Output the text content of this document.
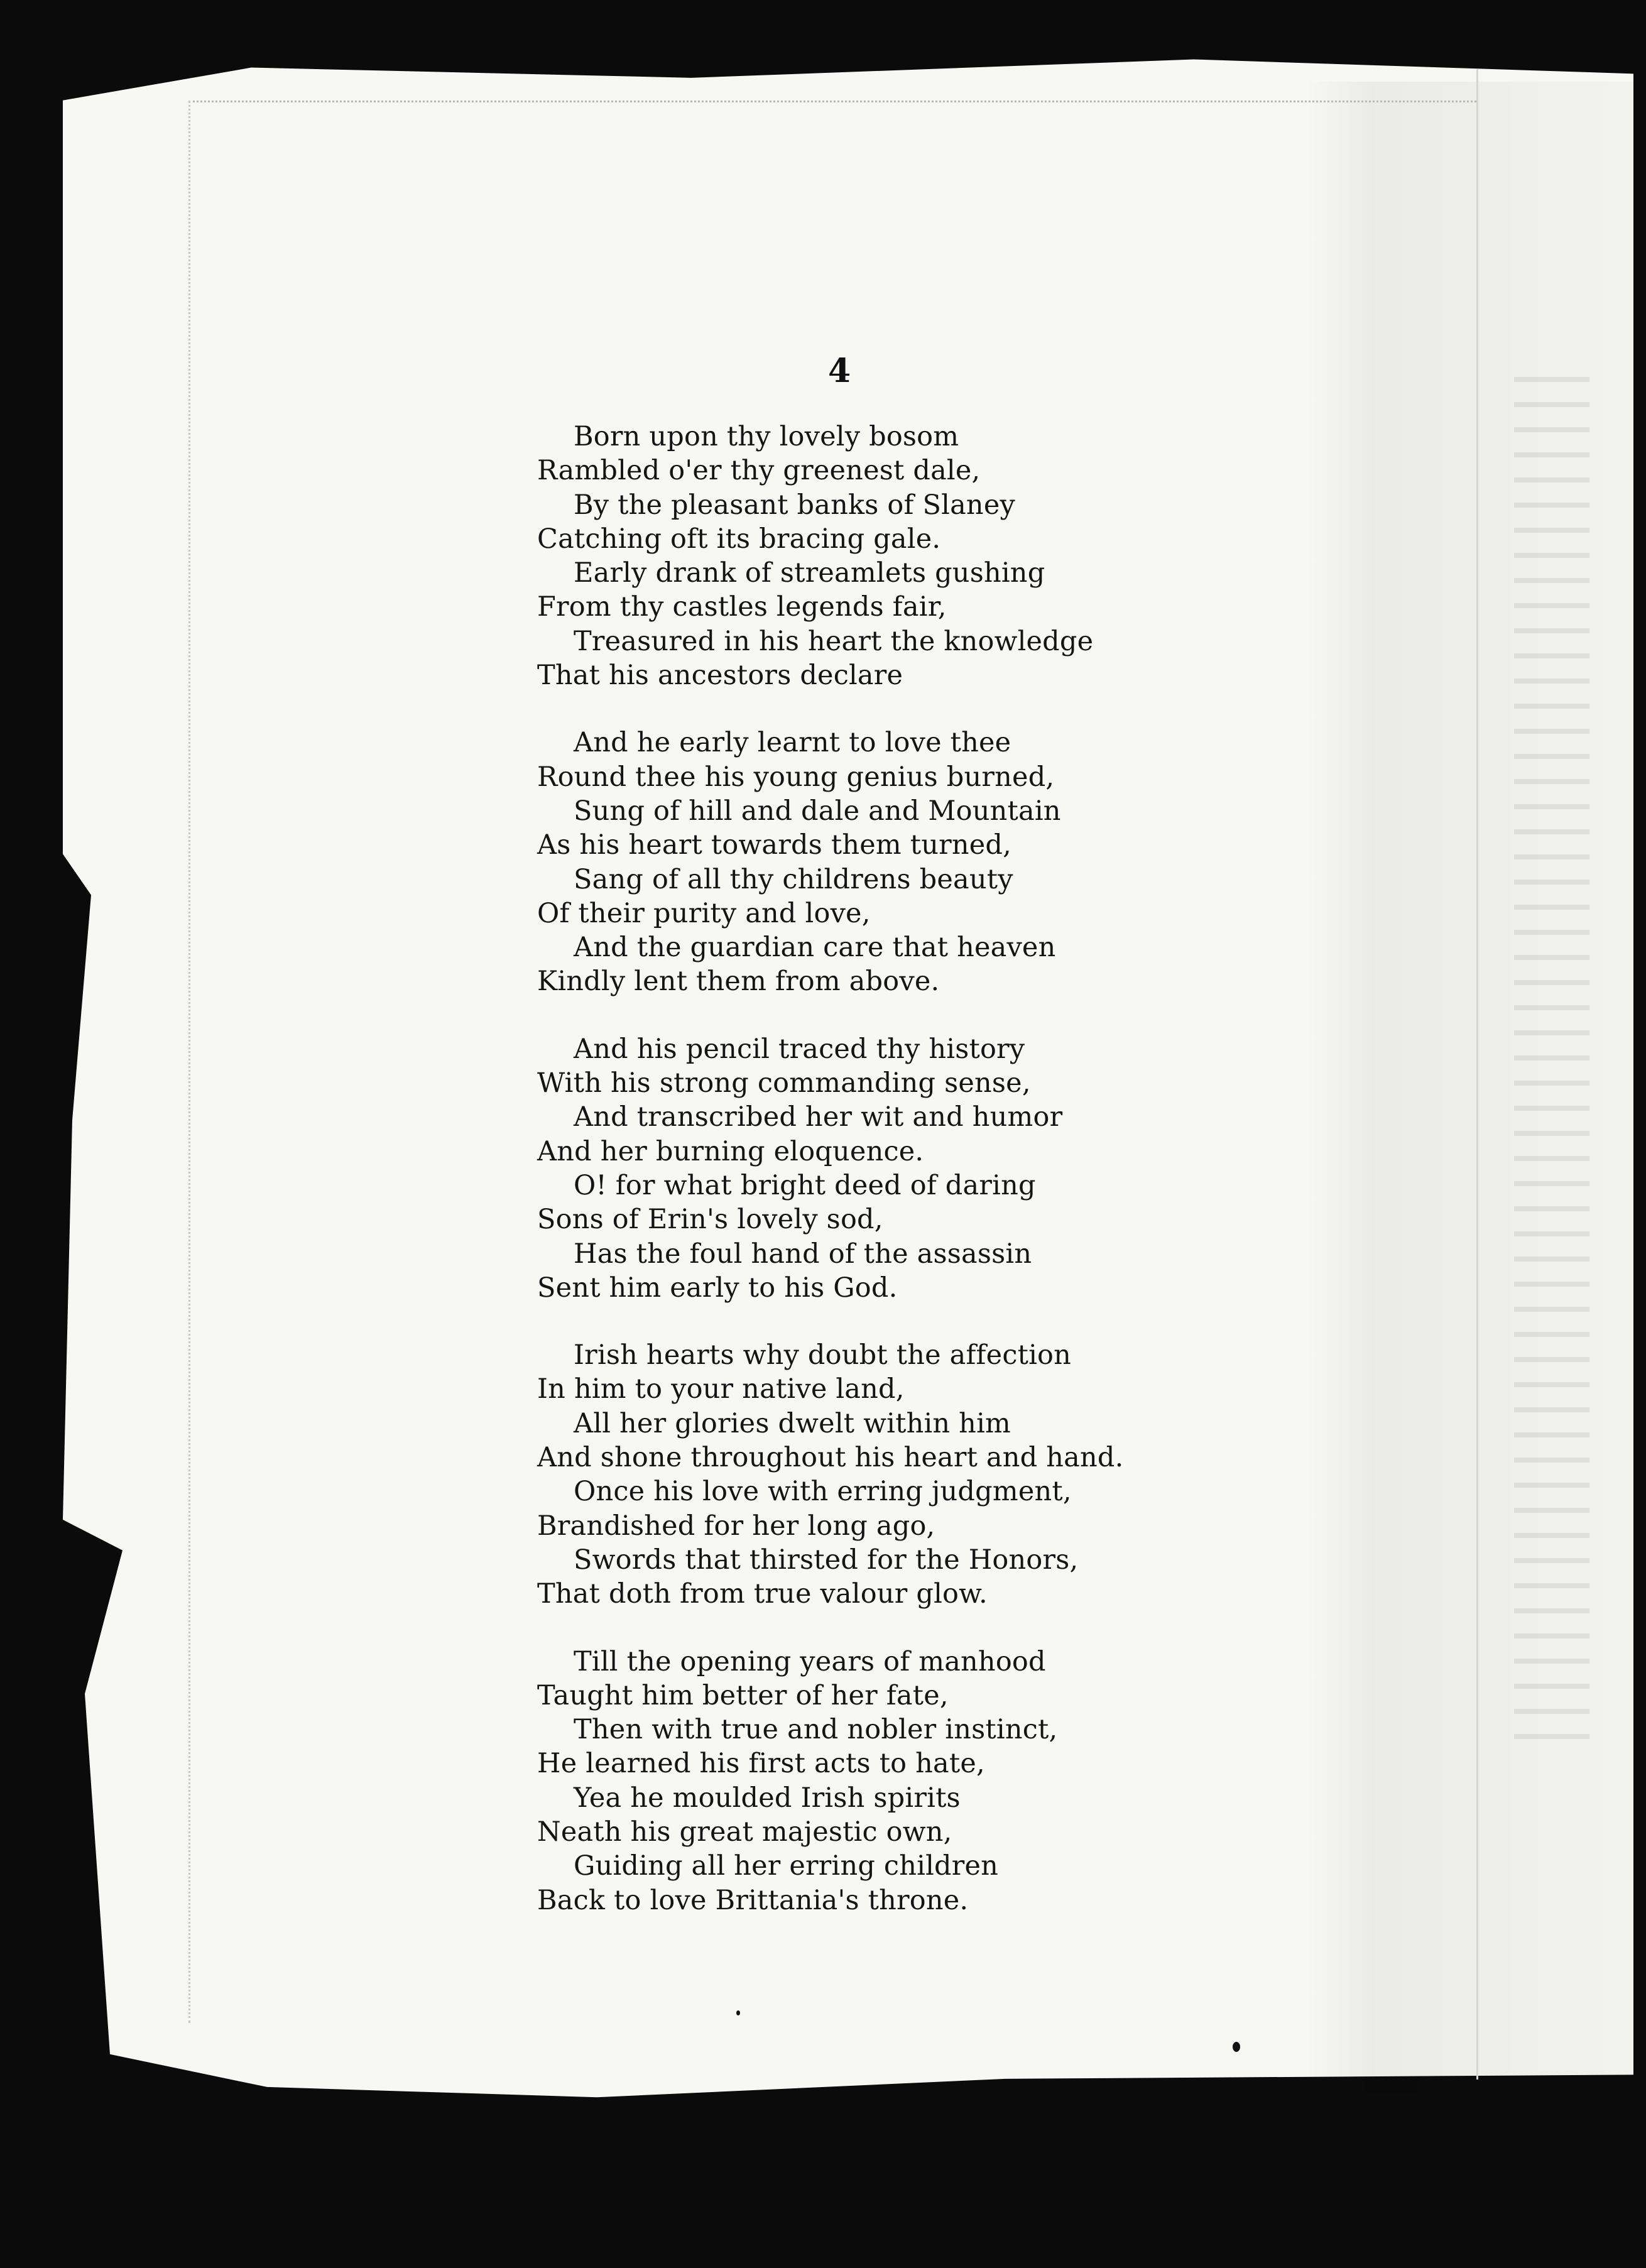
4
Born upon thy lovely bosom
Rambled o'er thy greenest dale,
By the pleasant banks of Slaney
Catching oft its bracing gale.
Early drank of streamlets gushing
From thy castles legends fair,
Treasured in his heart the knowledge
That his ancestors declare
And he early learnt to love thee
Round thee his young genius burned,
Sung of hill and dale and Mountain
As his heart towards them turned,
Sang of all thy childrens beauty
Of their purity and love,
And the guardian care that heaven
Kindly lent them from above.
And his pencil traced thy history
With his strong commanding sense,
And transcribed her wit and humor
And her burning eloquence.
O! for what bright deed of daring
Sons of Erin's lovely sod,
Has the foul hand of the assassin
Sent him early to his God.
Irish hearts why doubt the affection
In him to your native land,
All her glories dwelt within him
And shone throughout his heart and hand.
Once his love with erring judgment,
Brandished for her long ago,
Swords that thirsted for the Honors,
That doth from true valour glow.
Till the opening years of manhood
Taught him better of her fate,
Then with true and nobler instinct,
He learned his first acts to hate,
Yea he moulded Irish spirits
Neath his great majestic own,
Guiding all her erring children
Back to love Brittania's throne.
